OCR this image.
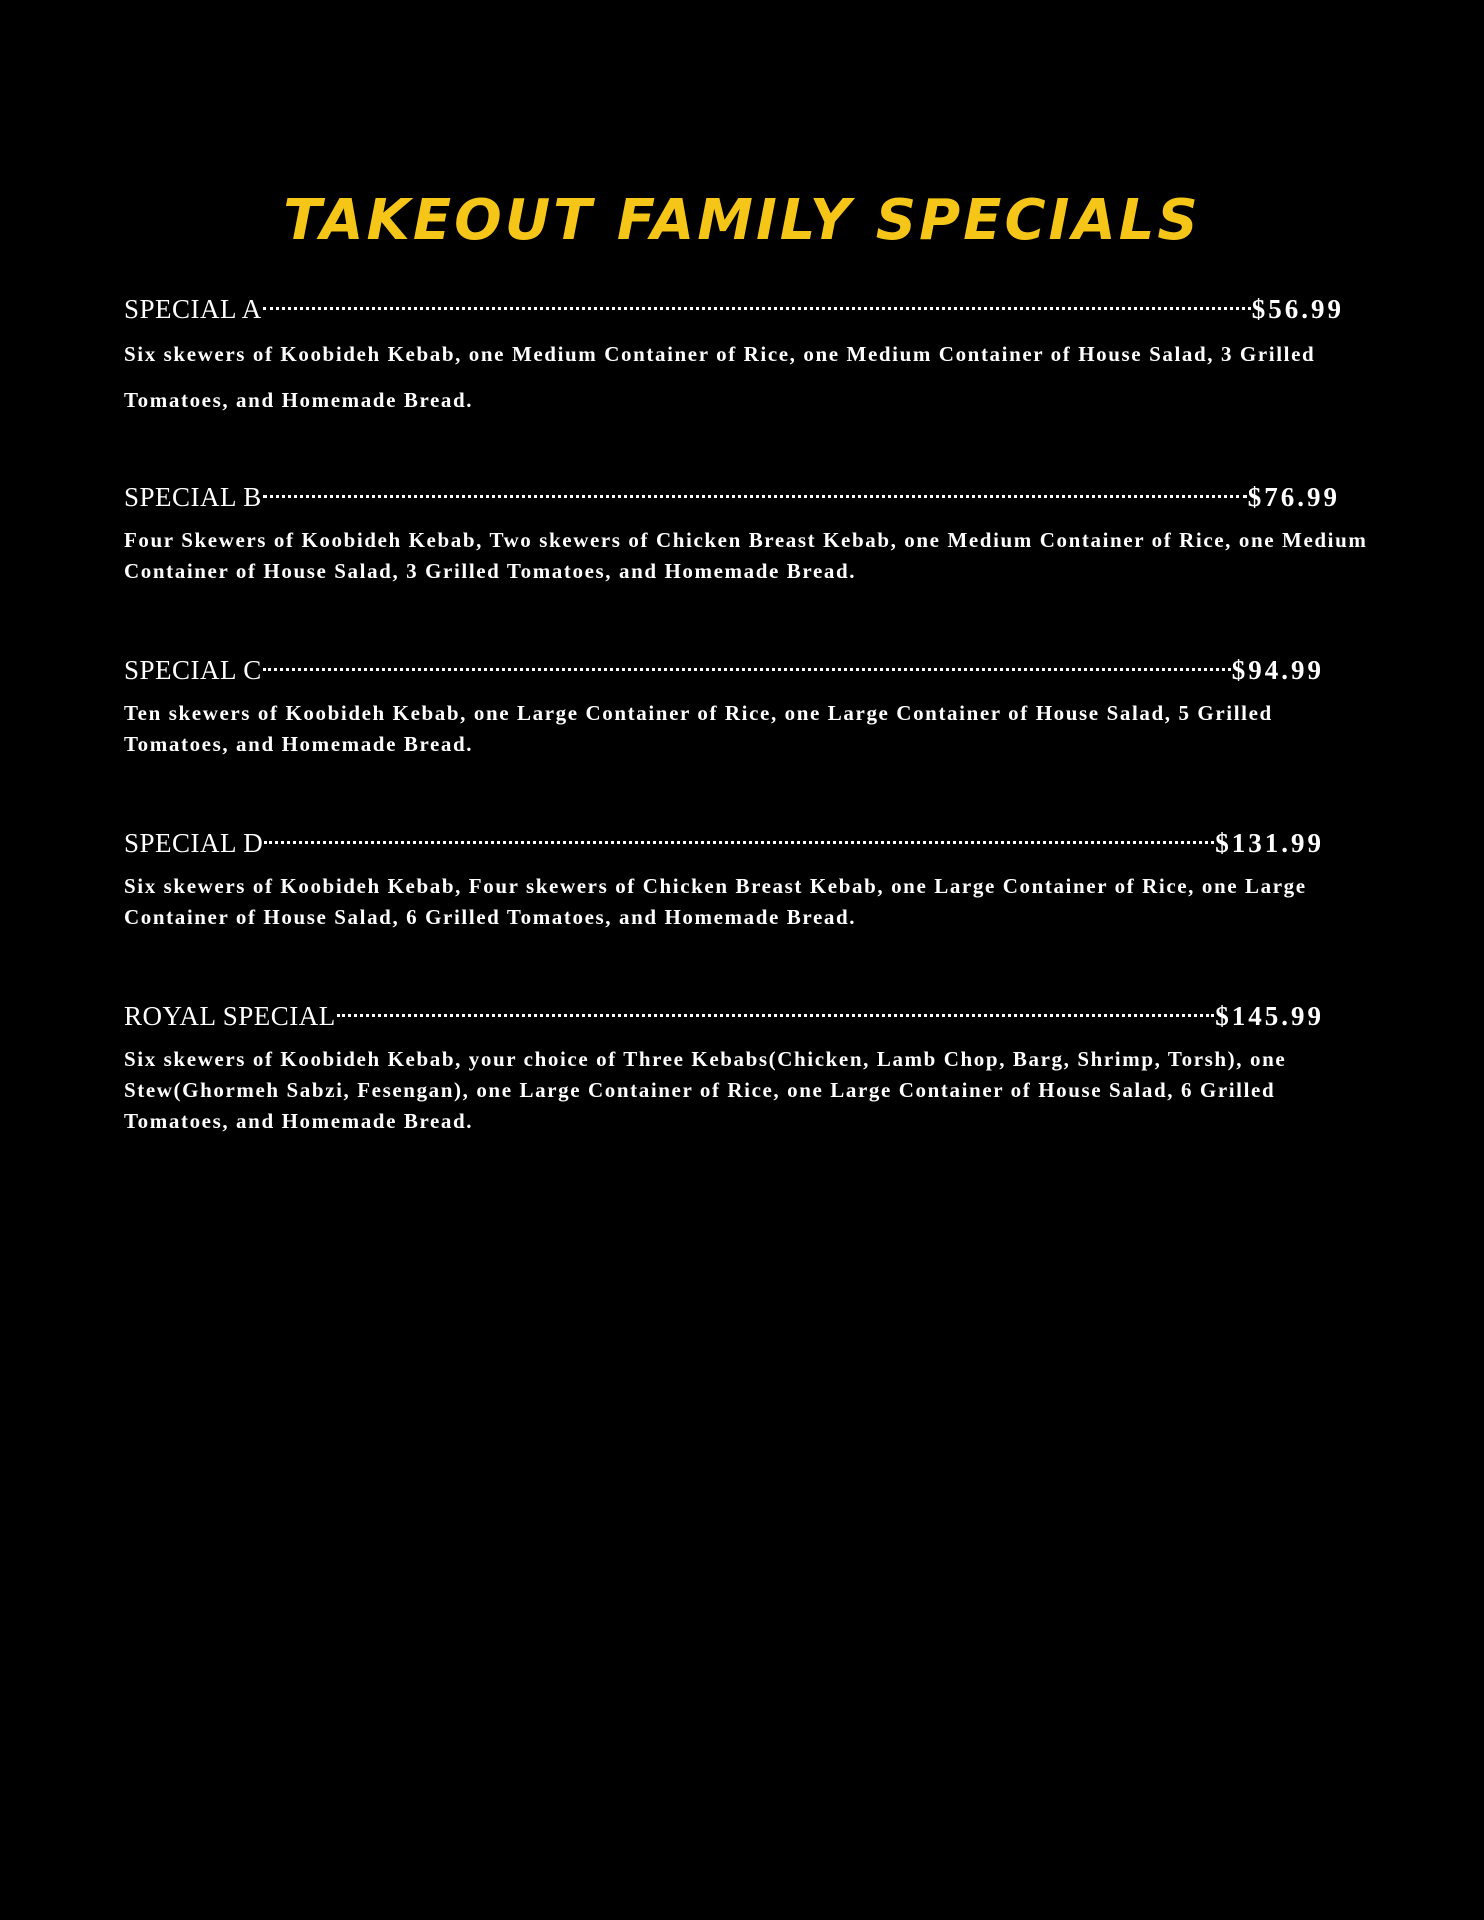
TAKEOUT FAMILY SPECIALS
SPECIAL A	$56.99
Six skewers of Koobideh Kebab, one Medium Container of Rice, one Medium Container of House Salad, 3 Grilled Tomatoes, and Homemade Bread.
SPECIAL B	$76.99
Four Skewers of Koobideh Kebab, Two skewers of Chicken Breast Kebab, one Medium Container of Rice, one Medium Container of House Salad, 3 Grilled Tomatoes, and Homemade Bread.
SPECIAL C	$94.99
Ten skewers of Koobideh Kebab, one Large Container of Rice, one Large Container of House Salad, 5 Grilled Tomatoes, and Homemade Bread.
SPECIAL D	$131.99
Six skewers of Koobideh Kebab, Four skewers of Chicken Breast Kebab, one Large Container of Rice, one Large Container of House Salad, 6 Grilled Tomatoes, and Homemade Bread.
ROYAL SPECIAL	$145.99
Six skewers of Koobideh Kebab, your choice of Three Kebabs(Chicken, Lamb Chop, Barg, Shrimp, Torsh), one Stew(Ghormeh Sabzi, Fesengan), one Large Container of Rice, one Large Container of House Salad, 6 Grilled Tomatoes, and Homemade Bread.
